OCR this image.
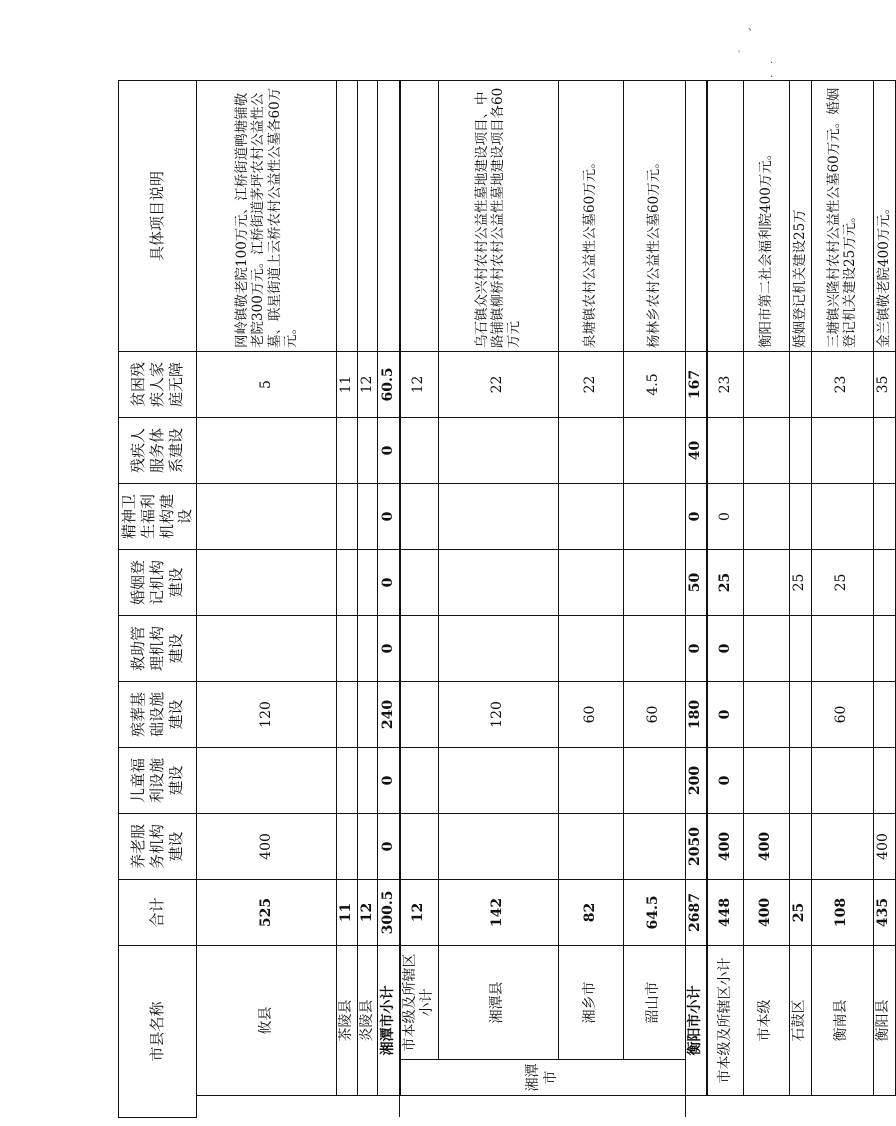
、
′
·
·
市县名称			合计	养老服务机构建设	儿童福利设施建设	殡葬基础设施建设	救助管理机构建设	婚姻登记机构建设	精神卫生福利机构建设	残疾人服务体系建设	贫困残疾人家庭无障	具体项目说明
	攸县		525	400		120					5	网岭镇敬老院100万元、江桥街道鸭塘铺敬老院300万元。江桥街道茅坪农村公益性公墓、联星街道上云桥农村公益性公墓各60万元。
	茶陵县		11								11	
	炎陵县		12								12	
	湘潭市小计		300.5	0	0	240	0	0	0	0	60.5	
	湘潭市	市本级及所辖区小计	12								12	
		湘潭县	142			120					22	乌石镇众兴村农村公益性墓地建设项目、中路铺镇柳桥村农村公益性墓地建设项目各60万元
		湘乡市	82			60					22	泉塘镇农村公益性公墓60万元。
		韶山市	64.5			60					4.5	杨林乡农村公益性公墓60万元。
	衡阳市小计		2687	2050	200	180	0	50	0	40	167	
	市本级及所辖区小计		448	400	0	0	0	25	0		23	
	市本级		400	400								衡阳市第二社会福利院400万元。
	石鼓区		25					25				婚姻登记机关建设25万
	衡南县		108			60		25			23	三塘镇兴隆村农村公益性公墓60万元。婚姻登记机关建设25万元。
	衡阳县		435	400							35	金兰镇敬老院400万元。
